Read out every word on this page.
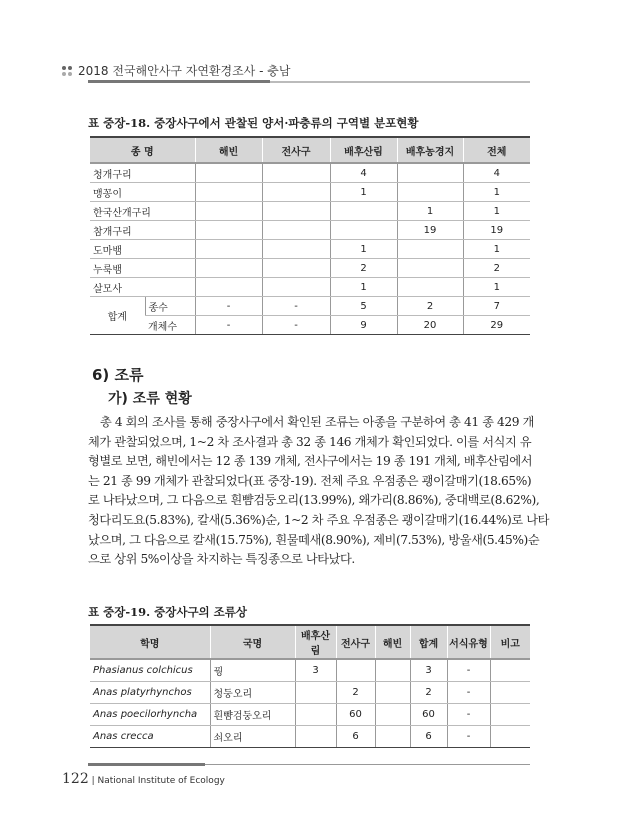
2018 전국해안사구 자연환경조사 - 충남
표 중장-18. 중장사구에서 관찰된 양서·파충류의 구역별 분포현황
종 명		해빈	전사구	배후산림	배후농경지	전체
청개구리				4		4
맹꽁이				1		1
한국산개구리					1	1
참개구리					19	19
도마뱀				1		1
누룩뱀				2		2
살모사				1		1
합계	종수	-	-	5	2	7
	개체수	-	-	9	20	29
6) 조류
가) 조류 현황
총 4 회의 조사를 통해 중장사구에서 확인된 조류는 아종을 구분하여 총 41 종 429 개
체가 관찰되었으며, 1~2 차 조사결과 총 32 종 146 개체가 확인되었다. 이를 서식지 유
형별로 보면, 해빈에서는 12 종 139 개체, 전사구에서는 19 종 191 개체, 배후산림에서
는 21 종 99 개체가 관찰되었다(표 중장-19). 전체 주요 우점종은 괭이갈매기(18.65%)
로 나타났으며, 그 다음으로 흰뺨검둥오리(13.99%), 왜가리(8.86%), 중대백로(8.62%),
청다리도요(5.83%), 칼새(5.36%)순, 1~2 차 주요 우점종은 괭이갈매기(16.44%)로 나타
났으며, 그 다음으로 칼새(15.75%), 흰물떼새(8.90%), 제비(7.53%), 방울새(5.45%)순
으로 상위 5%이상을 차지하는 특징종으로 나타났다.
표 중장-19. 중장사구의 조류상
학명	국명	배후산림	전사구	해빈	합계	서식유형	비고
Phasianus colchicus	꿩	3			3	-	
Anas platyrhynchos	청둥오리		2		2	-	
Anas poecilorhyncha	흰뺨검둥오리		60		60	-	
Anas crecca	쇠오리		6		6	-	
122 | National Institute of Ecology
